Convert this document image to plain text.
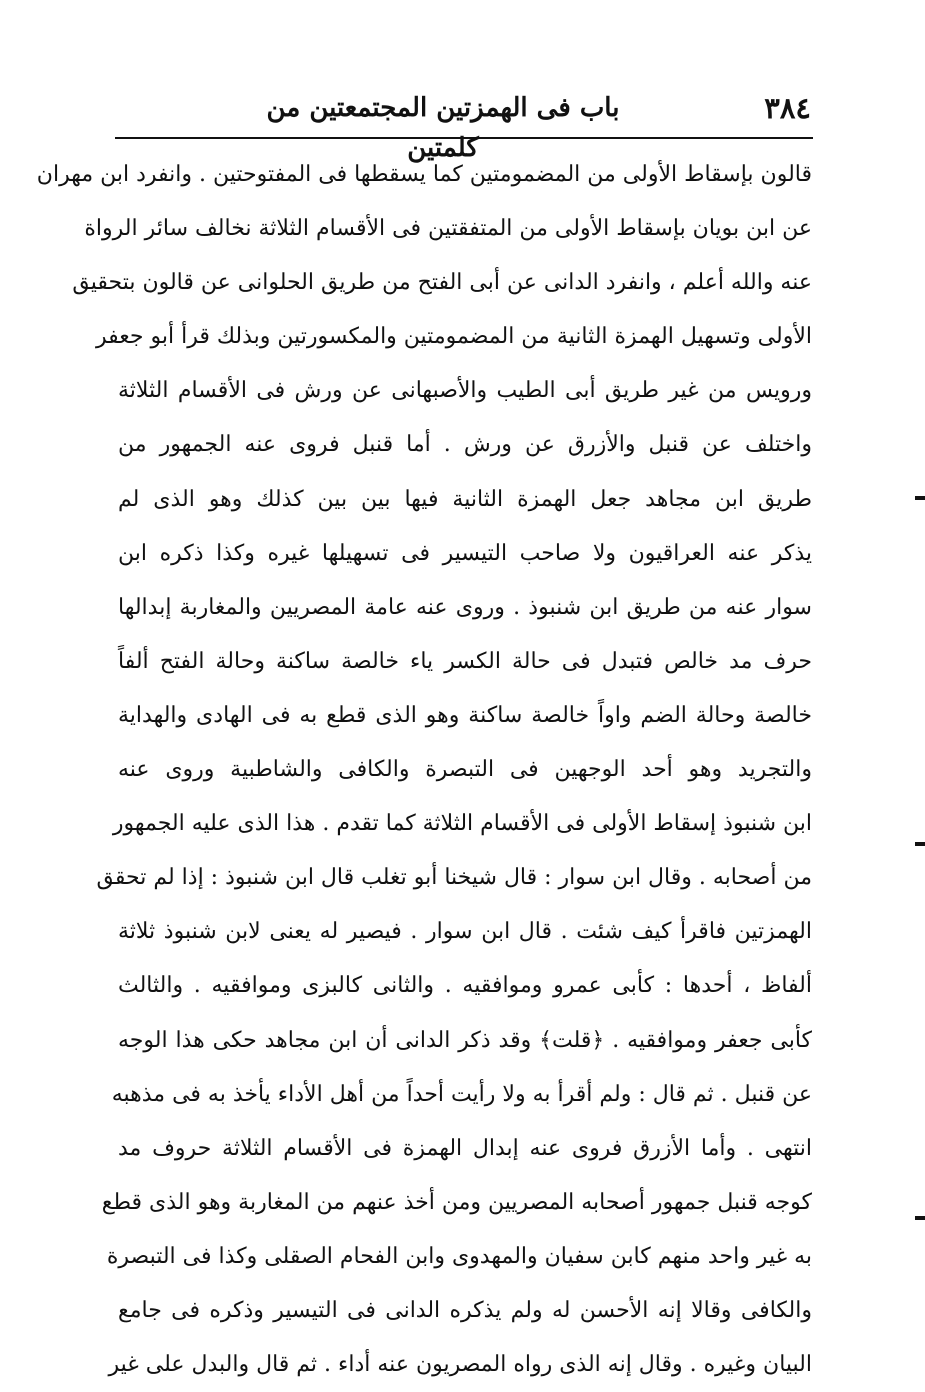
٣٨٤
باب فى الهمزتين المجتمعتين من كلمتين
قالون بإسقاط الأولى من المضمومتين كما يسقطها فى المفتوحتين . وانفرد ابن مهران
عن ابن بويان بإسقاط الأولى من المتفقتين فى الأقسام الثلاثة نخالف سائر الرواة
عنه والله أعلم ، وانفرد الدانى عن أبى الفتح من طريق الحلوانى عن قالون بتحقيق
الأولى وتسهيل الهمزة الثانية من المضمومتين والمكسورتين وبذلك قرأ أبو جعفر
ورويس من غير طريق أبى الطيب والأصبهانى عن ورش فى الأقسام الثلاثة
واختلف عن قنبل والأزرق عن ورش . أما قنبل فروى عنه الجمهور من
طريق ابن مجاهد جعل الهمزة الثانية فيها بين بين كذلك وهو الذى لم
يذكر عنه العراقيون ولا صاحب التيسير فى تسهيلها غيره وكذا ذكره ابن
سوار عنه من طريق ابن شنبوذ . وروى عنه عامة المصريين والمغاربة إبدالها
حرف مد خالص فتبدل فى حالة الكسر ياء خالصة ساكنة وحالة الفتح ألفاً
خالصة وحالة الضم واواً خالصة ساكنة وهو الذى قطع به فى الهادى والهداية
والتجريد وهو أحد الوجهين فى التبصرة والكافى والشاطبية وروى عنه
ابن شنبوذ إسقاط الأولى فى الأقسام الثلاثة كما تقدم . هذا الذى عليه الجمهور
من أصحابه . وقال ابن سوار : قال شيخنا أبو تغلب قال ابن شنبوذ : إذا لم تحقق
الهمزتين فاقرأ كيف شئت . قال ابن سوار . فيصير له يعنى لابن شنبوذ ثلاثة
ألفاظ ، أحدها : كأبى عمرو وموافقيه . والثانى كالبزى وموافقيه . والثالث
كأبى جعفر وموافقيه . ﴿قلت﴾ وقد ذكر الدانى أن ابن مجاهد حكى هذا الوجه
عن قنبل . ثم قال : ولم أقرأ به ولا رأيت أحداً من أهل الأداء يأخذ به فى مذهبه
انتهى . وأما الأزرق فروى عنه إبدال الهمزة فى الأقسام الثلاثة حروف مد
كوجه قنبل جمهور أصحابه المصريين ومن أخذ عنهم من المغاربة وهو الذى قطع
به غير واحد منهم كابن سفيان والمهدوى وابن الفحام الصقلى وكذا فى التبصرة
والكافى وقالا إنه الأحسن له ولم يذكره الدانى فى التيسير وذكره فى جامع
البيان وغيره . وقال إنه الذى رواه المصريون عنه أداء . ثم قال والبدل على غير
